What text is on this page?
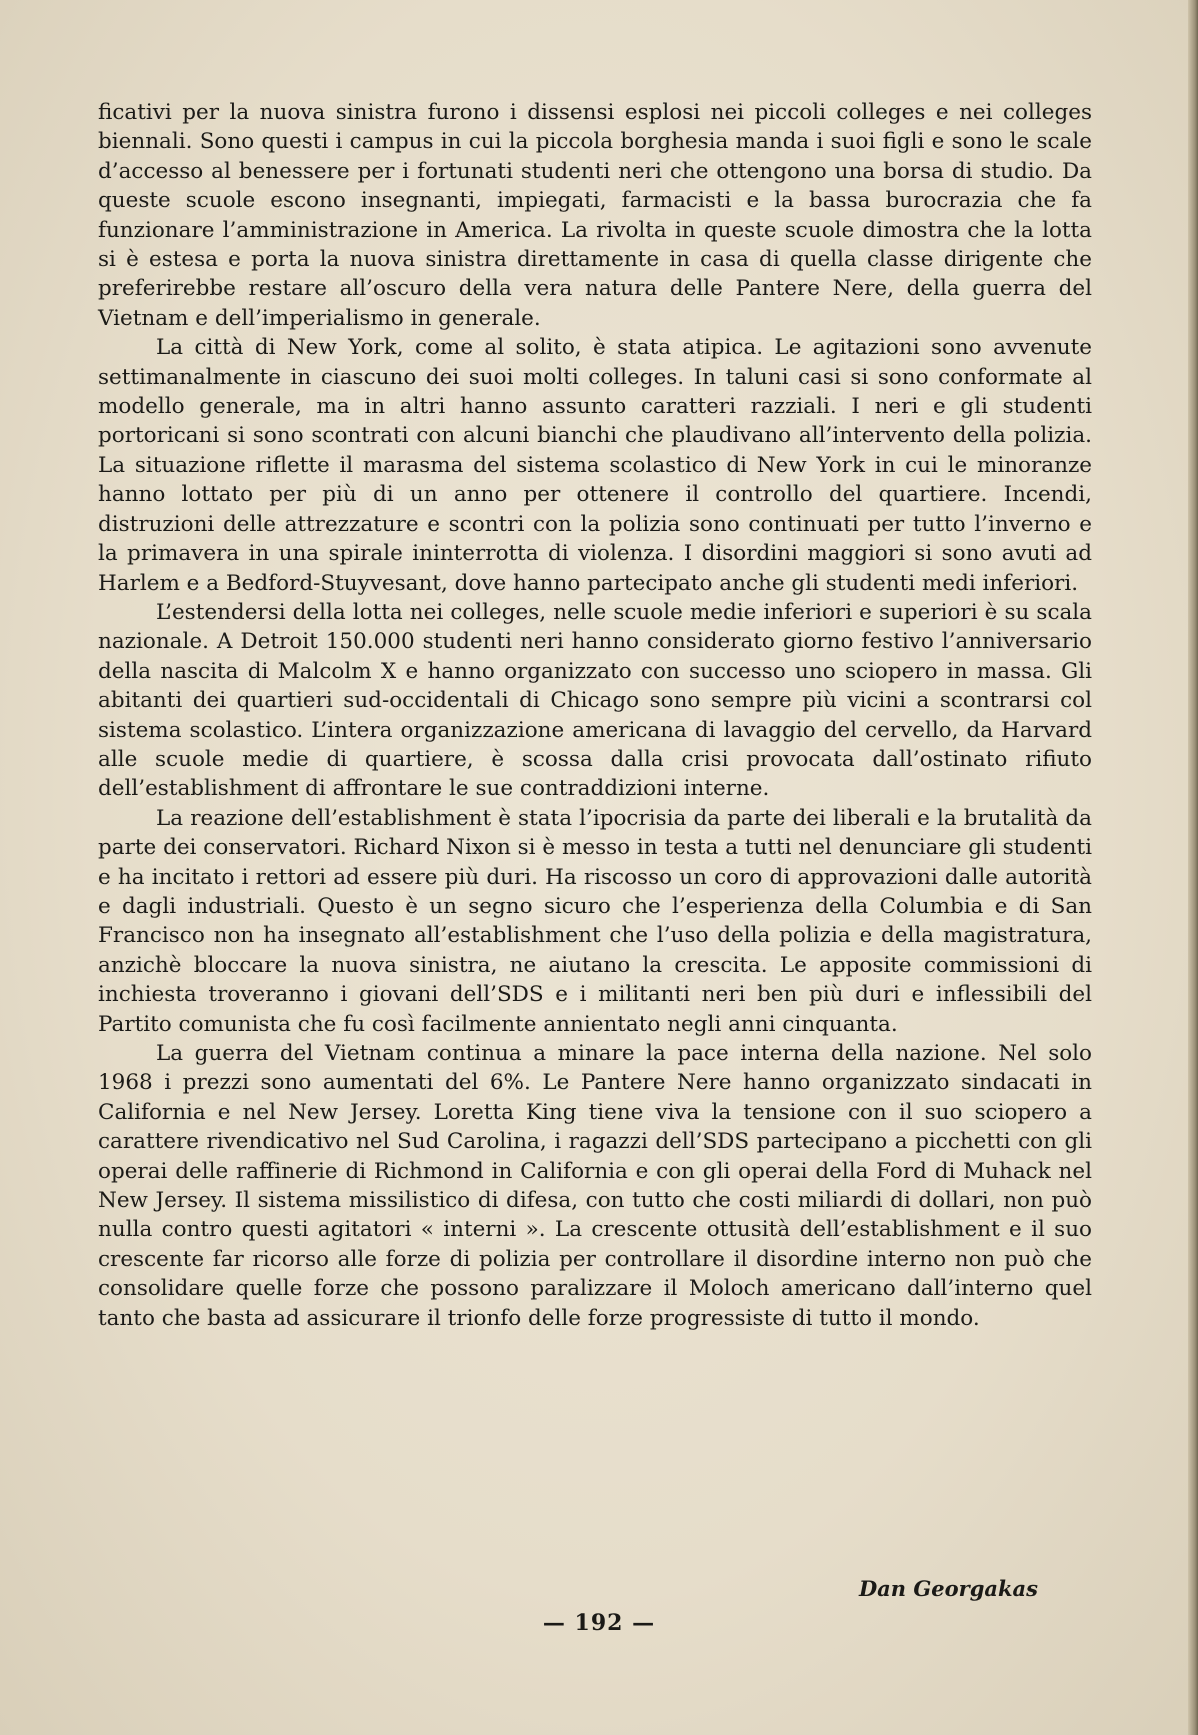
ficativi per la nuova sinistra furono i dissensi esplosi nei piccoli colleges e nei colleges biennali. Sono questi i campus in cui la piccola borghesia manda i suoi figli e sono le scale d’accesso al benessere per i fortunati studenti neri che ottengono una borsa di studio. Da queste scuole escono insegnanti, impiegati, farmacisti e la bassa burocrazia che fa funzionare l’amministrazione in America. La rivolta in queste scuole dimostra che la lotta si è estesa e porta la nuova sinistra direttamente in casa di quella classe dirigente che preferirebbe restare all’oscuro della vera natura delle Pantere Nere, della guerra del Vietnam e dell’imperialismo in generale.

La città di New York, come al solito, è stata atipica. Le agitazioni sono avvenute settimanalmente in ciascuno dei suoi molti colleges. In taluni casi si sono conformate al modello generale, ma in altri hanno assunto caratteri razziali. I neri e gli studenti portoricani si sono scontrati con alcuni bianchi che plaudivano all’intervento della polizia. La situazione riflette il marasma del sistema scolastico di New York in cui le minoranze hanno lottato per più di un anno per ottenere il controllo del quartiere. Incendi, distruzioni delle attrezzature e scontri con la polizia sono continuati per tutto l’inverno e la primavera in una spirale ininterrotta di violenza. I disordini maggiori si sono avuti ad Harlem e a Bedford-Stuyvesant, dove hanno partecipato anche gli studenti medi inferiori.

L’estendersi della lotta nei colleges, nelle scuole medie inferiori e superiori è su scala nazionale. A Detroit 150.000 studenti neri hanno considerato giorno festivo l’anniversario della nascita di Malcolm X e hanno organizzato con successo uno sciopero in massa. Gli abitanti dei quartieri sud-occidentali di Chicago sono sempre più vicini a scontrarsi col sistema scolastico. L’intera organizzazione americana di lavaggio del cervello, da Harvard alle scuole medie di quartiere, è scossa dalla crisi provocata dall’ostinato rifiuto dell’establishment di affrontare le sue contraddizioni interne.

La reazione dell’establishment è stata l’ipocrisia da parte dei liberali e la brutalità da parte dei conservatori. Richard Nixon si è messo in testa a tutti nel denunciare gli studenti e ha incitato i rettori ad essere più duri. Ha riscosso un coro di approvazioni dalle autorità e dagli industriali. Questo è un segno sicuro che l’esperienza della Columbia e di San Francisco non ha insegnato all’establishment che l’uso della polizia e della magistratura, anzichè bloccare la nuova sinistra, ne aiutano la crescita. Le apposite commissioni di inchiesta troveranno i giovani dell’SDS e i militanti neri ben più duri e inflessibili del Partito comunista che fu così facilmente annientato negli anni cinquanta.

La guerra del Vietnam continua a minare la pace interna della nazione. Nel solo 1968 i prezzi sono aumentati del 6%. Le Pantere Nere hanno organizzato sindacati in California e nel New Jersey. Loretta King tiene viva la tensione con il suo sciopero a carattere rivendicativo nel Sud Carolina, i ragazzi dell’SDS partecipano a picchetti con gli operai delle raffinerie di Richmond in California e con gli operai della Ford di Muhack nel New Jersey. Il sistema missilistico di difesa, con tutto che costi miliardi di dollari, non può nulla contro questi agitatori « interni ». La crescente ottusità dell’establishment e il suo crescente far ricorso alle forze di polizia per controllare il disordine interno non può che consolidare quelle forze che possono paralizzare il Moloch americano dall’interno quel tanto che basta ad assicurare il trionfo delle forze progressiste di tutto il mondo.

Dan Georgakas
— 192 —
